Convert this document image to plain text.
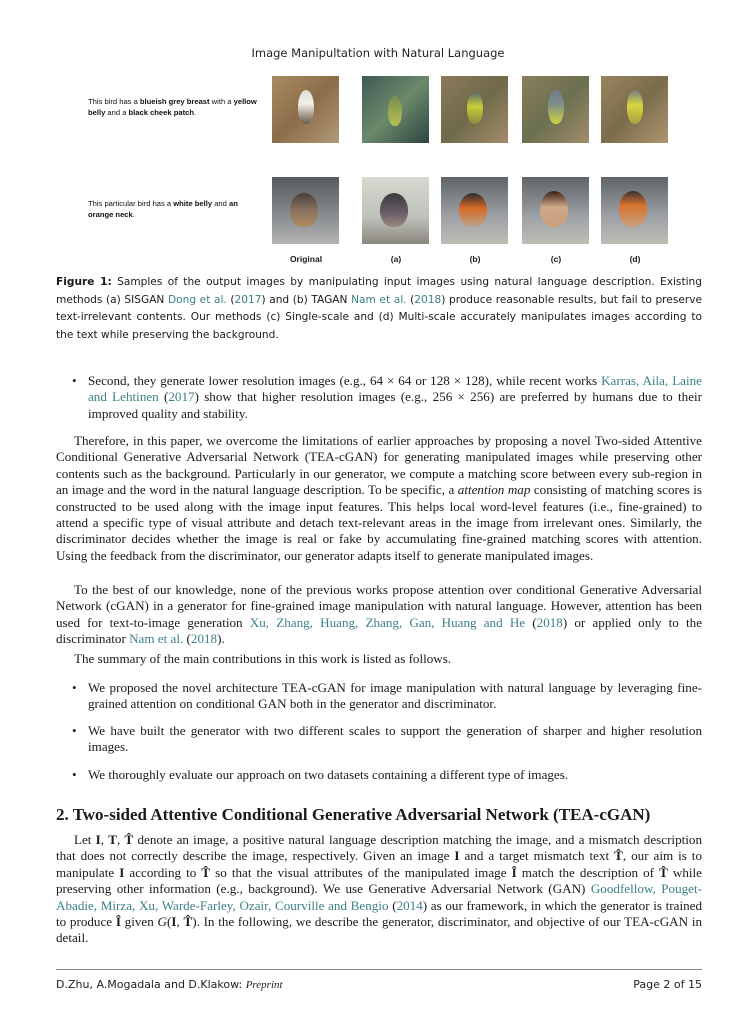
Image Manipultation with Natural Language
This bird has a blueish grey breast with a yellow belly and a black cheek patch.
This particular bird has a white belly and an orange neck.
Original	(a)	(b)	(c)	(d)
Figure 1: Samples of the output images by manipulating input images using natural language description. Existing methods (a) SISGAN Dong et al. (2017) and (b) TAGAN Nam et al. (2018) produce reasonable results, but fail to preserve text-irrelevant contents. Our methods (c) Single-scale and (d) Multi-scale accurately manipulates images according to the text while preserving the background.
• Second, they generate lower resolution images (e.g., 64 × 64 or 128 × 128), while recent works Karras, Aila, Laine and Lehtinen (2017) show that higher resolution images (e.g., 256 × 256) are preferred by humans due to their improved quality and stability.
Therefore, in this paper, we overcome the limitations of earlier approaches by proposing a novel Two-sided Attentive Conditional Generative Adversarial Network (TEA-cGAN) for generating manipulated images while preserving other contents such as the background. Particularly in our generator, we compute a matching score between every sub-region in an image and the word in the natural language description. To be specific, a attention map consisting of matching scores is constructed to be used along with the image input features. This helps local word-level features (i.e., fine-grained) to attend a specific type of visual attribute and detach text-relevant areas in the image from irrelevant ones. Similarly, the discriminator decides whether the image is real or fake by accumulating fine-grained matching scores with attention. Using the feedback from the discriminator, our generator adapts itself to generate manipulated images.
To the best of our knowledge, none of the previous works propose attention over conditional Generative Adversarial Network (cGAN) in a generator for fine-grained image manipulation with natural language. However, attention has been used for text-to-image generation Xu, Zhang, Huang, Zhang, Gan, Huang and He (2018) or applied only to the discriminator Nam et al. (2018).
The summary of the main contributions in this work is listed as follows.
• We proposed the novel architecture TEA-cGAN for image manipulation with natural language by leveraging fine-grained attention on conditional GAN both in the generator and discriminator.
• We have built the generator with two different scales to support the generation of sharper and higher resolution images.
• We thoroughly evaluate our approach on two datasets containing a different type of images.
2. Two-sided Attentive Conditional Generative Adversarial Network (TEA-cGAN)
Let I, T, T̂ denote an image, a positive natural language description matching the image, and a mismatch description that does not correctly describe the image, respectively. Given an image I and a target mismatch text T̂, our aim is to manipulate I according to T̂ so that the visual attributes of the manipulated image Î match the description of T̂ while preserving other information (e.g., background). We use Generative Adversarial Network (GAN) Goodfellow, Pouget-Abadie, Mirza, Xu, Warde-Farley, Ozair, Courville and Bengio (2014) as our framework, in which the generator is trained to produce Î given G(I, T̂). In the following, we describe the generator, discriminator, and objective of our TEA-cGAN in detail.
D.Zhu, A.Mogadala and D.Klakow: Preprint	Page 2 of 15
